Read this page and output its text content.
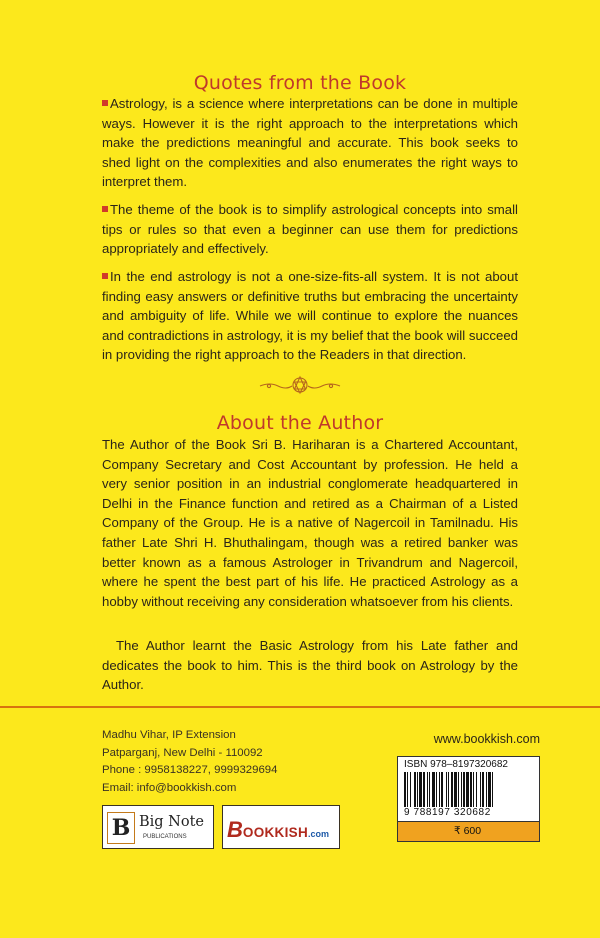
Quotes from the Book
Astrology, is a science where interpretations can be done in multiple ways. However it is the right approach to the interpretations which make the predictions meaningful and accurate. This book seeks to shed light on the complexities and also enumerates the right ways to interpret them.
The theme of the book is to simplify astrological concepts into small tips or rules so that even a beginner can use them for predictions appropriately and effectively.
In the end astrology is not a one-size-fits-all system. It is not about finding easy answers or definitive truths but embracing the uncertainty and ambiguity of life. While we will continue to explore the nuances and contradictions in astrology, it is my belief that the book will succeed in providing the right approach to the Readers in that direction.
About the Author
The Author of the Book Sri B. Hariharan is a Chartered Accountant, Company Secretary and Cost Accountant by profession. He held a very senior position in an industrial conglomerate headquartered in Delhi in the Finance function and retired as a Chairman of a Listed Company of the Group. He is a native of Nagercoil in Tamilnadu. His father Late Shri H. Bhuthalingam, though was a retired banker was better known as a famous Astrologer in Trivandrum and Nagercoil, where he spent the best part of his life. He practiced Astrology as a hobby without receiving any consideration whatsoever from his clients.
The Author learnt the Basic Astrology from his Late father and dedicates the book to him. This is the third book on Astrology by the Author.
Madhu Vihar, IP Extension
Patparganj, New Delhi - 110092
Phone : 9958138227, 9999329694
Email: info@bookkish.com
B Big Note
PUBLICATIONS BOOKKISH.com
www.bookkish.com
ISBN 978–8197320682
9 788197 320682
₹ 600
